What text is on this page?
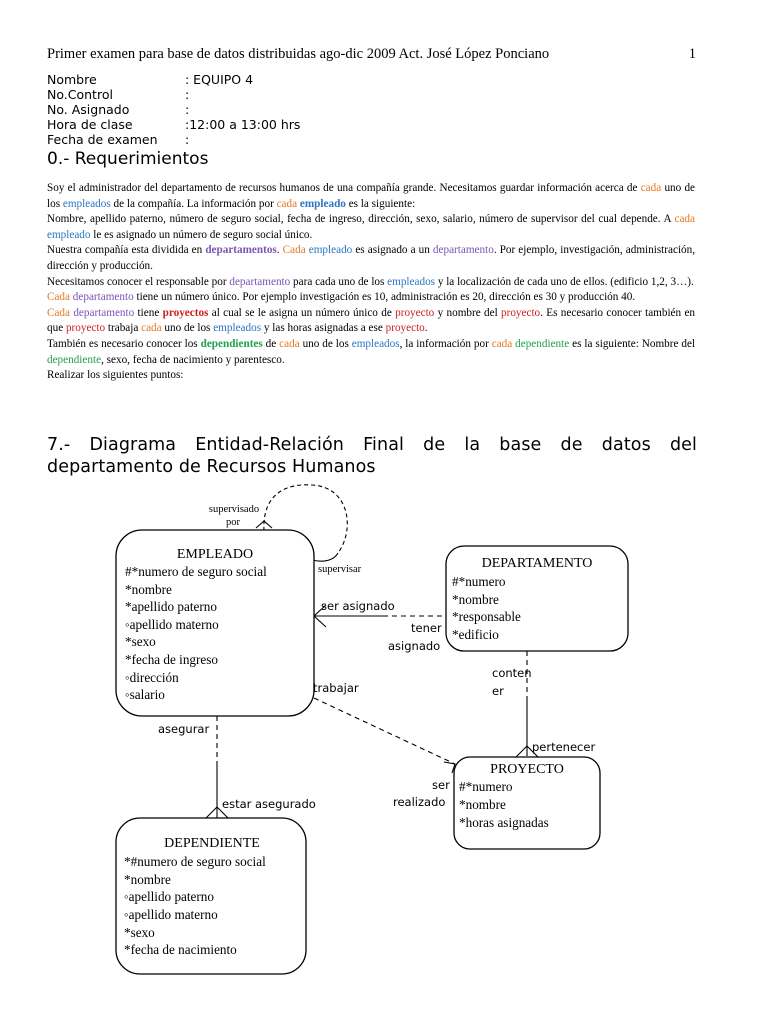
Primer examen para base de datos distribuidas ago-dic 2009 Act. José López Ponciano	1
Nombre	: EQUIPO 4
No.Control	:
No. Asignado	:
Hora de clase	:12:00 a 13:00 hrs
Fecha de examen	:
0.- Requerimientos

Soy el administrador del departamento de recursos humanos de una compañía grande. Necesitamos guardar información acerca de cada uno de los empleados de la compañía. La información por cada empleado es la siguiente:

Nombre, apellido paterno, número de seguro social, fecha de ingreso, dirección, sexo, salario, número de supervisor del cual depende. A cada empleado le es asignado un número de seguro social único.

Nuestra compañía esta dividida en departamentos. Cada empleado es asignado a un departamento. Por ejemplo, investigación, administración, dirección y producción.

Necesitamos conocer el responsable por departamento para cada uno de los empleados y la localización de cada uno de ellos. (edificio 1,2, 3…).

Cada departamento tiene un número único. Por ejemplo investigación es 10, administración es 20, dirección es 30 y producción 40.

Cada departamento tiene proyectos al cual se le asigna un número único de proyecto y nombre del proyecto. Es necesario conocer también en que proyecto trabaja cada uno de los empleados y las horas asignadas a ese proyecto.

También es necesario conocer los dependientes de cada uno de los empleados, la información por cada dependiente es la siguiente: Nombre del dependiente, sexo, fecha de nacimiento y parentesco.

Realizar los siguientes puntos:

7.- Diagrama Entidad-Relación Final de la base de datos del
departamento de Recursos Humanos
EMPLEADO
#*numero de seguro social
*nombre
*apellido paterno
◦apellido materno
*sexo
*fecha de ingreso
◦dirección
◦salario
DEPARTAMENTO
#*numero
*nombre
*responsable
*edificio
PROYECTO
#*numero
*nombre
*horas asignadas
DEPENDIENTE
*#numero de seguro social
*nombre
◦apellido paterno
◦apellido materno
*sexo
*fecha de nacimiento
supervisado
por
supervisar
ser asignado
tener
asignado
conten
er
trabajar
pertenecer
ser
realizado
asegurar
estar asegurado
